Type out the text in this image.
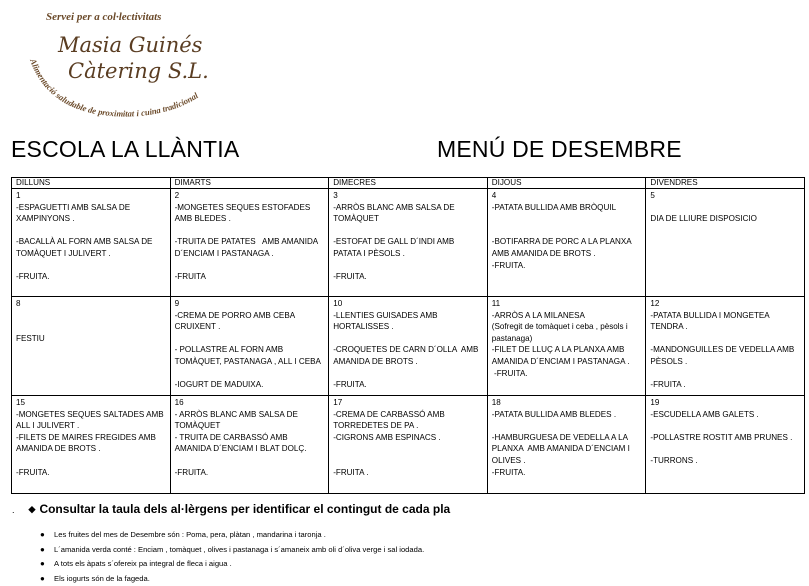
Servei per a col·lectivitats
Masia Guinés
Càtering S.L.
Alimentació saludable de proximitat i cuina tradicional
ESCOLA LA LLÀNTIA	MENÚ DE DESEMBRE
DILLUNS	DIMARTS	DIMECRES	DIJOUS	DIVENDRES

1
-ESPAGUETTI AMB SALSA DE XAMPINYONS .
-BACALLÀ AL FORN AMB SALSA DE TOMÀQUET I JULIVERT .
-FRUITA.	2
-MONGETES SEQUES ESTOFADES AMB BLEDES .
-TRUITA DE PATATES   AMB AMANIDA D´ENCIAM I PASTANAGA .
-FRUITA	3
-ARRÒS BLANC AMB SALSA DE TOMÀQUET
-ESTOFAT DE GALL D´INDI AMB PATATA I PÈSOLS .
-FRUITA.	4
-PATATA BULLIDA AMB BRÒQUIL
-BOTIFARRA DE PORC A LA PLANXA  AMB AMANIDA DE BROTS .
-FRUITA.	5
DIA DE LLIURE DISPOSICIO

8
FESTIU	9
-CREMA DE PORRO AMB CEBA CRUIXENT .
- POLLASTRE AL FORN AMB TOMÀQUET, PASTANAGA , ALL I CEBA
-IOGURT DE MADUIXA.	10
-LLENTIES GUISADES AMB HORTALISSES .
-CROQUETES DE CARN D´OLLA  AMB AMANIDA DE BROTS .
-FRUITA.	11
-ARRÒS A LA MILANESA
(Sofregit de tomàquet i ceba , pèsols i pastanaga)
-FILET DE LLUÇ A LA PLANXA AMB AMANIDA D´ENCIAM I PASTANAGA .
-FRUITA.	12
-PATATA BULLIDA I MONGETEA TENDRA .
-MANDONGUILLES DE VEDELLA AMB PÈSOLS .
-FRUITA .

15
-MONGETES SEQUES SALTADES AMB ALL I JULIVERT .
-FILETS DE MAIRES FREGIDES AMB AMANIDA DE BROTS .
-FRUITA.	16
- ARRÒS BLANC AMB SALSA DE TOMÀQUET
- TRUITA DE CARBASSÓ AMB AMANIDA D´ENCIAM I BLAT DOLÇ.
-FRUITA.	17
-CREMA DE CARBASSÓ AMB TORREDETES DE PA .
-CIGRONS AMB ESPINACS .
-FRUITA .	18
-PATATA BULLIDA AMB BLEDES .
-HAMBURGUESA DE VEDELLA A LA PLANXA  AMB AMANIDA D´ENCIAM I OLIVES .
-FRUITA.	19
-ESCUDELLA AMB GALETS .
-POLLASTRE ROSTIT AMB PRUNES .
-TURRONS .
. ◆ Consultar la taula dels al·lèrgens per identificar el contingut de cada pla
● Les fruites del mes de Desembre són : Poma, pera, plàtan , mandarina i taronja .
● L´amanida verda conté : Enciam , tomàquet , olives i pastanaga i s´amaneix amb oli d´oliva verge i sal iodada.
● A tots els àpats s´ofereix pa integral de fleca i aigua .
● Els iogurts són de la fageda.
